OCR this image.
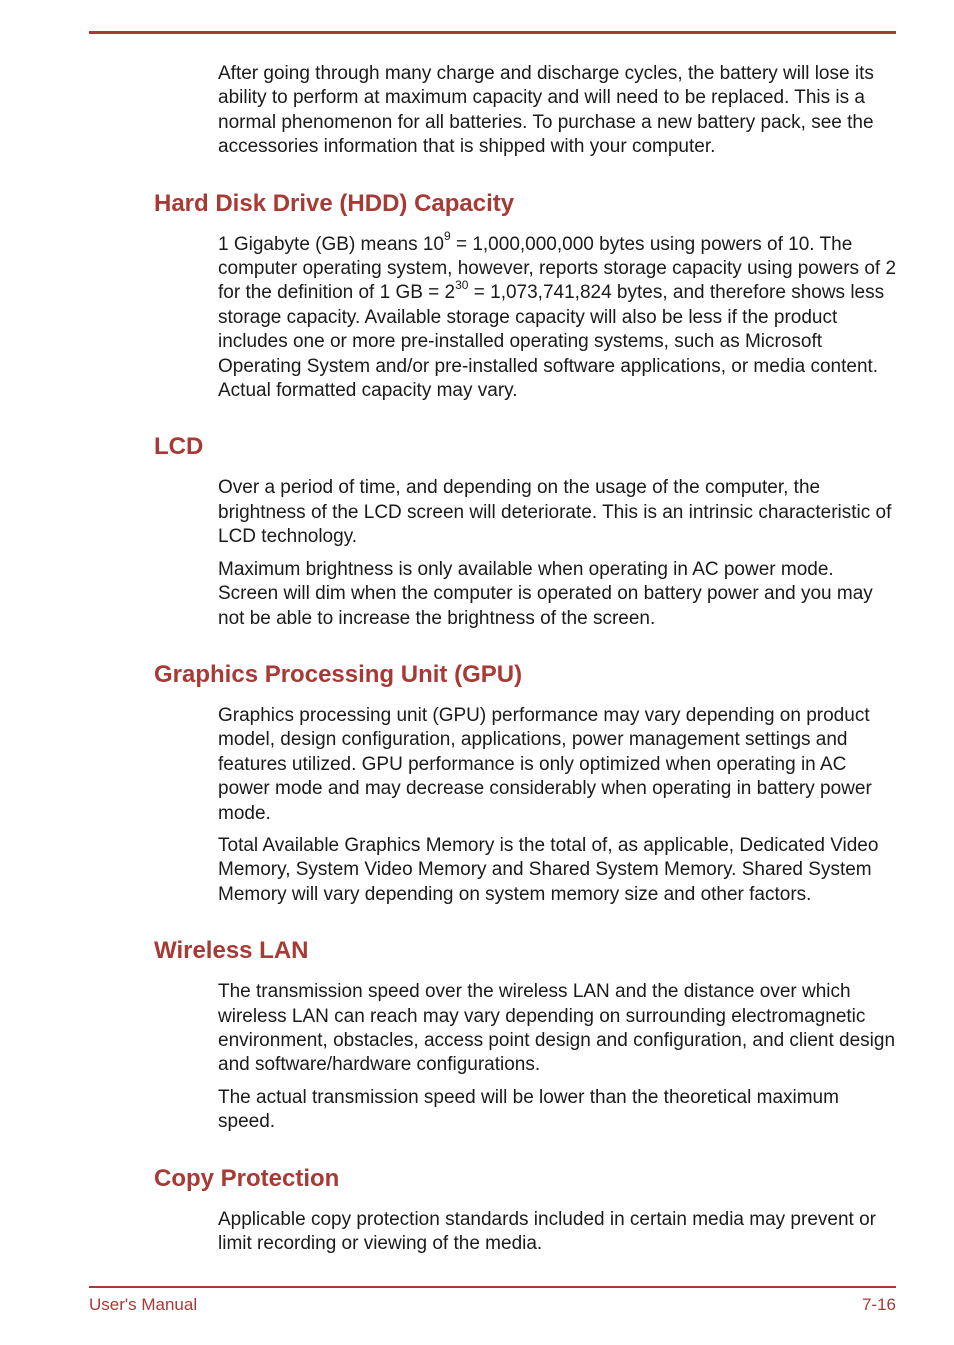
After going through many charge and discharge cycles, the battery will lose its ability to perform at maximum capacity and will need to be replaced. This is a normal phenomenon for all batteries. To purchase a new battery pack, see the accessories information that is shipped with your computer.

Hard Disk Drive (HDD) Capacity

1 Gigabyte (GB) means $10^9 = 1,000,000,000$ bytes using powers of 10. The computer operating system, however, reports storage capacity using powers of 2 for the definition of 1 GB = $2^{30} = 1,073,741,824$ bytes, and therefore shows less storage capacity. Available storage capacity will also be less if the product includes one or more pre-installed operating systems, such as Microsoft Operating System and/or pre-installed software applications, or media content. Actual formatted capacity may vary.

LCD

Over a period of time, and depending on the usage of the computer, the brightness of the LCD screen will deteriorate. This is an intrinsic characteristic of LCD technology.

Maximum brightness is only available when operating in AC power mode. Screen will dim when the computer is operated on battery power and you may not be able to increase the brightness of the screen.

Graphics Processing Unit (GPU)

Graphics processing unit (GPU) performance may vary depending on product model, design configuration, applications, power management settings and features utilized. GPU performance is only optimized when operating in AC power mode and may decrease considerably when operating in battery power mode.

Total Available Graphics Memory is the total of, as applicable, Dedicated Video Memory, System Video Memory and Shared System Memory. Shared System Memory will vary depending on system memory size and other factors.

Wireless LAN

The transmission speed over the wireless LAN and the distance over which wireless LAN can reach may vary depending on surrounding electromagnetic environment, obstacles, access point design and configuration, and client design and software/hardware configurations.

The actual transmission speed will be lower than the theoretical maximum speed.

Copy Protection

Applicable copy protection standards included in certain media may prevent or limit recording or viewing of the media.

User's Manual	7-16
